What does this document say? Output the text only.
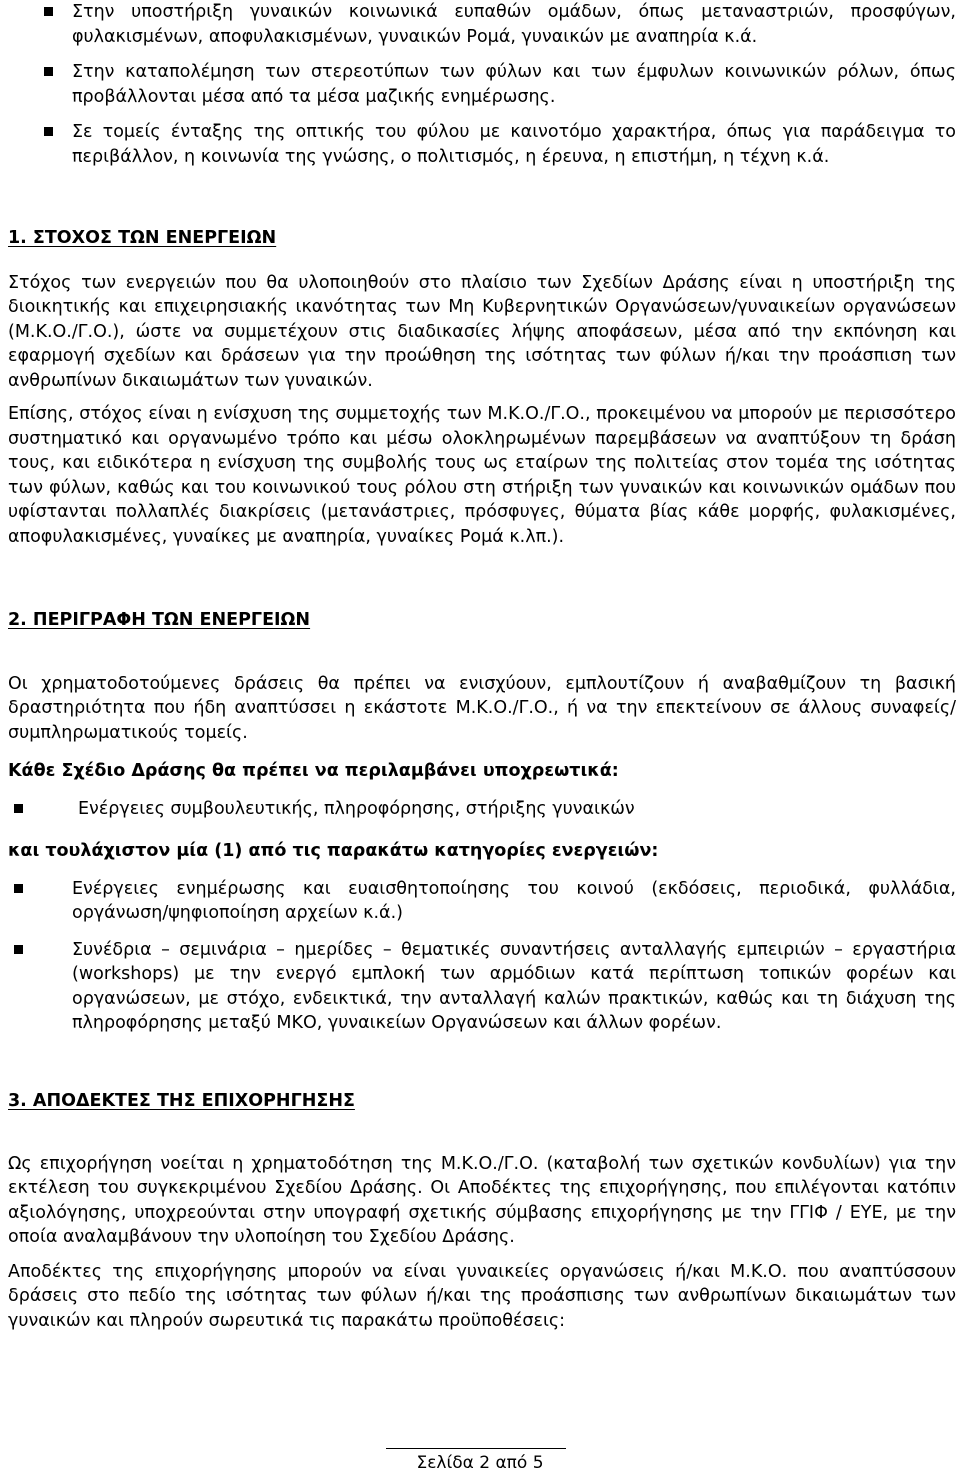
Στην υποστήριξη γυναικών κοινωνικά ευπαθών ομάδων, όπως μεταναστριών, προσφύγων, φυλακισμένων, αποφυλακισμένων, γυναικών Ρομά, γυναικών με αναπηρία κ.ά.

Στην καταπολέμηση των στερεοτύπων των φύλων και των έμφυλων κοινωνικών ρόλων, όπως προβάλλονται μέσα από τα μέσα μαζικής ενημέρωσης.

Σε τομείς ένταξης της οπτικής του φύλου με καινοτόμο χαρακτήρα, όπως για παράδειγμα το περιβάλλον, η κοινωνία της γνώσης, ο πολιτισμός, η έρευνα, η επιστήμη, η τέχνη κ.ά.

1. ΣΤΟΧΟΣ ΤΩΝ ΕΝΕΡΓΕΙΩΝ

Στόχος των ενεργειών που θα υλοποιηθούν στο πλαίσιο των Σχεδίων Δράσης είναι η υποστήριξη της διοικητικής και επιχειρησιακής ικανότητας των Μη Κυβερνητικών Οργανώσεων/γυναικείων οργανώσεων (Μ.Κ.Ο./Γ.Ο.), ώστε να συμμετέχουν στις διαδικασίες λήψης αποφάσεων, μέσα από την εκπόνηση και εφαρμογή σχεδίων και δράσεων για την προώθηση της ισότητας των φύλων ή/και την προάσπιση των ανθρωπίνων δικαιωμάτων των γυναικών.

Επίσης, στόχος είναι η ενίσχυση της συμμετοχής των Μ.Κ.Ο./Γ.Ο., προκειμένου να μπορούν με περισσότερο συστηματικό και οργανωμένο τρόπο και μέσω ολοκληρωμένων παρεμβάσεων να αναπτύξουν τη δράση τους, και ειδικότερα η ενίσχυση της συμβολής τους ως εταίρων της πολιτείας στον τομέα της ισότητας των φύλων, καθώς και του κοινωνικού τους ρόλου στη στήριξη των γυναικών και κοινωνικών ομάδων που υφίστανται πολλαπλές διακρίσεις (μετανάστριες, πρόσφυγες, θύματα βίας κάθε μορφής, φυλακισμένες, αποφυλακισμένες, γυναίκες με αναπηρία, γυναίκες Ρομά κ.λπ.).

2. ΠΕΡΙΓΡΑΦΗ ΤΩΝ ΕΝΕΡΓΕΙΩΝ

Οι χρηματοδοτούμενες δράσεις θα πρέπει να ενισχύουν, εμπλουτίζουν ή αναβαθμίζουν τη βασική δραστηριότητα που ήδη αναπτύσσει η εκάστοτε Μ.Κ.Ο./Γ.Ο., ή να την επεκτείνουν σε άλλους συναφείς/συμπληρωματικούς τομείς.

Κάθε Σχέδιο Δράσης θα πρέπει να περιλαμβάνει υποχρεωτικά:

Ενέργειες συμβουλευτικής, πληροφόρησης, στήριξης γυναικών

και τουλάχιστον μία (1) από τις παρακάτω κατηγορίες ενεργειών:

Ενέργειες ενημέρωσης και ευαισθητοποίησης του κοινού (εκδόσεις, περιοδικά, φυλλάδια, οργάνωση/ψηφιοποίηση αρχείων κ.ά.)

Συνέδρια – σεμινάρια – ημερίδες – θεματικές συναντήσεις ανταλλαγής εμπειριών – εργαστήρια (workshops) με την ενεργό εμπλοκή των αρμόδιων κατά περίπτωση τοπικών φορέων και οργανώσεων, με στόχο, ενδεικτικά, την ανταλλαγή καλών πρακτικών, καθώς και τη διάχυση της πληροφόρησης μεταξύ ΜΚΟ, γυναικείων Οργανώσεων και άλλων φορέων.

3. ΑΠΟΔΕΚΤΕΣ ΤΗΣ ΕΠΙΧΟΡΗΓΗΣΗΣ

Ως επιχορήγηση νοείται η χρηματοδότηση της Μ.Κ.Ο./Γ.Ο. (καταβολή των σχετικών κονδυλίων) για την εκτέλεση του συγκεκριμένου Σχεδίου Δράσης. Οι Αποδέκτες της επιχορήγησης, που επιλέγονται κατόπιν αξιολόγησης, υποχρεούνται στην υπογραφή σχετικής σύμβασης επιχορήγησης με την ΓΓΙΦ / ΕΥΕ, με την οποία αναλαμβάνουν την υλοποίηση του Σχεδίου Δράσης.

Αποδέκτες της επιχορήγησης μπορούν να είναι γυναικείες οργανώσεις ή/και Μ.Κ.Ο. που αναπτύσσουν δράσεις στο πεδίο της ισότητας των φύλων ή/και της προάσπισης των ανθρωπίνων δικαιωμάτων των γυναικών και πληρούν σωρευτικά τις παρακάτω προϋποθέσεις:

Σελίδα 2 από 5
